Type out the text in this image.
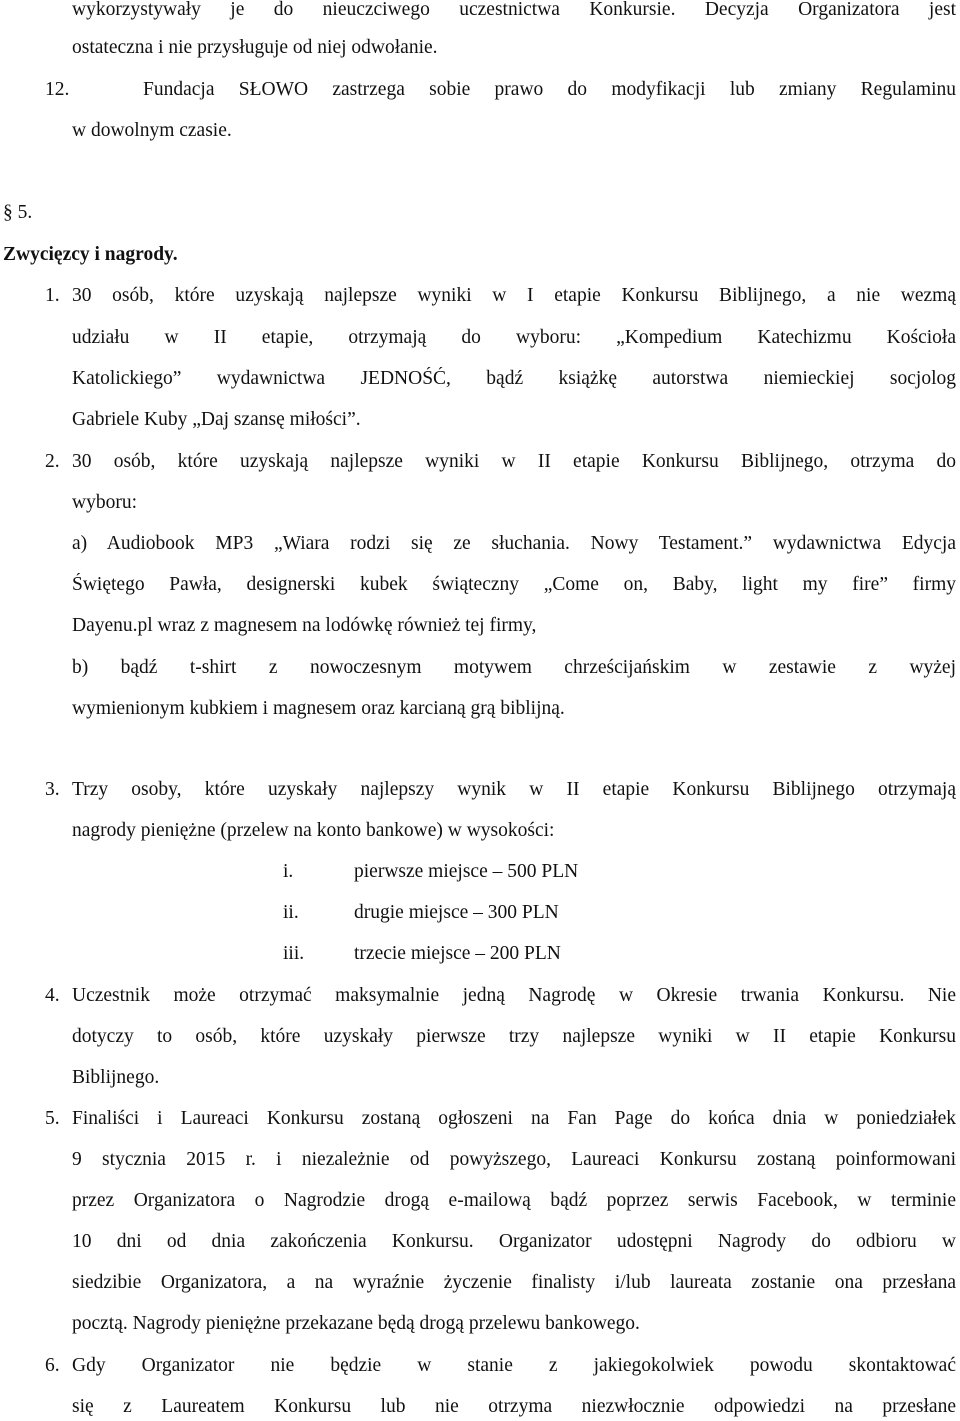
wykorzystywały je do nieuczciwego uczestnictwa Konkursie. Decyzja Organizatora jest
ostateczna i nie przysługuje od niej odwołanie.
12.	Fundacja SŁOWO zastrzega sobie prawo do modyfikacji lub zmiany Regulaminu
w dowolnym czasie.
§ 5.
Zwycięzcy i nagrody.
1. 30 osób, które uzyskają najlepsze wyniki w I etapie Konkursu Biblijnego, a nie wezmą
udziału w II etapie, otrzymają do wyboru: „Kompedium Katechizmu Kościoła
Katolickiego” wydawnictwa JEDNOŚĆ, bądź książkę autorstwa niemieckiej socjolog
Gabriele Kuby „Daj szansę miłości”.
2. 30 osób, które uzyskają najlepsze wyniki w II etapie Konkursu Biblijnego, otrzyma do
wyboru:
a) Audiobook MP3 „Wiara rodzi się ze słuchania. Nowy Testament.” wydawnictwa Edycja
Świętego Pawła, designerski kubek świąteczny „Come on, Baby, light my fire” firmy
Dayenu.pl wraz z magnesem na lodówkę również tej firmy,
b) bądź t-shirt z nowoczesnym motywem chrześcijańskim w zestawie z wyżej
wymienionym kubkiem i magnesem oraz karcianą grą biblijną.
3. Trzy osoby, które uzyskały najlepszy wynik w II etapie Konkursu Biblijnego otrzymają
nagrody pieniężne (przelew na konto bankowe) w wysokości:
i.	pierwsze miejsce – 500 PLN
ii.	drugie miejsce – 300 PLN
iii.	trzecie miejsce – 200 PLN
4. Uczestnik może otrzymać maksymalnie jedną Nagrodę w Okresie trwania Konkursu. Nie
dotyczy to osób, które uzyskały pierwsze trzy najlepsze wyniki w II etapie Konkursu
Biblijnego.
5. Finaliści i Laureaci Konkursu zostaną ogłoszeni na Fan Page do końca dnia w poniedziałek
9 stycznia 2015 r. i niezależnie od powyższego, Laureaci Konkursu zostaną poinformowani
przez Organizatora o Nagrodzie drogą e-mailową bądź poprzez serwis Facebook, w terminie
10 dni od dnia zakończenia Konkursu. Organizator udostępni Nagrody do odbioru w
siedzibie Organizatora, a na wyraźnie życzenie finalisty i/lub laureata zostanie ona przesłana
pocztą. Nagrody pieniężne przekazane będą drogą przelewu bankowego.
6. Gdy Organizator nie będzie w stanie z jakiegokolwiek powodu skontaktować
się z Laureatem Konkursu lub nie otrzyma niezwłocznie odpowiedzi na przesłane
